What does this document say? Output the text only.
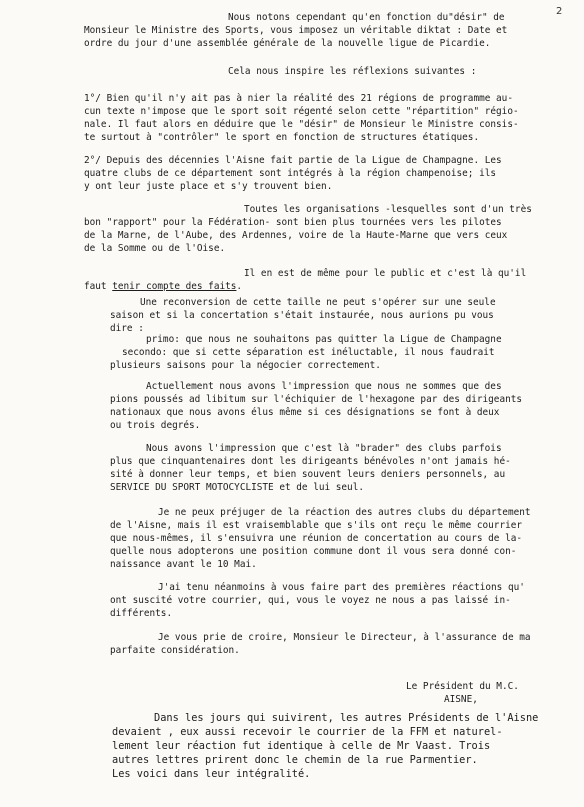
2
Nous notons cependant qu'en fonction du"désir" de
Monsieur le Ministre des Sports, vous imposez un véritable diktat : Date et
ordre du jour d'une assemblée générale de la nouvelle ligue de Picardie.
Cela nous inspire les réflexions suivantes :
1°/ Bien qu'il n'y ait pas à nier la réalité des 21 régions de programme au-
cun texte n'impose que le sport soit régenté selon cette "répartition" régio-
nale. Il faut alors en déduire que le "désir" de Monsieur le Ministre consis-
te surtout à "contrôler" le sport en fonction de structures étatiques.
2°/ Depuis des décennies l'Aisne fait partie de la Ligue de Champagne. Les
quatre clubs de ce département sont intégrés à la région champenoise; ils
y ont leur juste place et s'y trouvent bien.
Toutes les organisations -lesquelles sont d'un très
bon "rapport" pour la Fédération- sont bien plus tournées vers les pilotes
de la Marne, de l'Aube, des Ardennes, voire de la Haute-Marne que vers ceux
de la Somme ou de l'Oise.
Il en est de même pour le public et c'est là qu'il
faut tenir compte des faits.
Une reconversion de cette taille ne peut s'opérer sur une seule
saison et si la concertation s'était instaurée, nous aurions pu vous
dire :
primo: que nous ne souhaitons pas quitter la Ligue de Champagne
secondo: que si cette séparation est inéluctable, il nous faudrait
plusieurs saisons pour la négocier correctement.
Actuellement nous avons l'impression que nous ne sommes que des
pions poussés ad libitum sur l'échiquier de l'hexagone par des dirigeants
nationaux que nous avons élus même si ces désignations se font à deux
ou trois degrés.
Nous avons l'impression que c'est là "brader" des clubs parfois
plus que cinquantenaires dont les dirigeants bénévoles n'ont jamais hé-
sité à donner leur temps, et bien souvent leurs deniers personnels, au
SERVICE DU SPORT MOTOCYCLISTE et de lui seul.
Je ne peux préjuger de la réaction des autres clubs du département
de l'Aisne, mais il est vraisemblable que s'ils ont reçu le même courrier
que nous-mêmes, il s'ensuivra une réunion de concertation au cours de la-
quelle nous adopterons une position commune dont il vous sera donné con-
naissance avant le 10 Mai.
J'ai tenu néanmoins à vous faire part des premières réactions qu'
ont suscité votre courrier, qui, vous le voyez ne nous a pas laissé in-
différents.
Je vous prie de croire, Monsieur le Directeur, à l'assurance de ma
parfaite considération.
Le Président du M.C.
AISNE,
Dans les jours qui suivirent, les autres Présidents de l'Aisne
devaient , eux aussi recevoir le courrier de la FFM et naturel-
lement leur réaction fut identique à celle de Mr Vaast. Trois
autres lettres prirent donc le chemin de la rue Parmentier.
Les voici dans leur intégralité.
